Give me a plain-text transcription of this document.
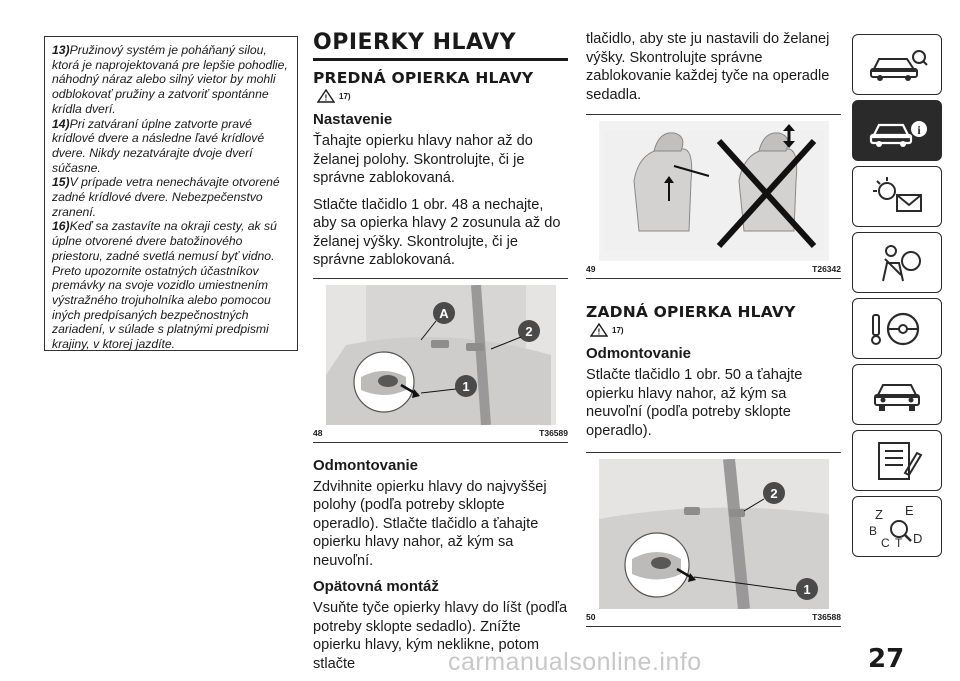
13)Pružinový systém je poháňaný silou, ktorá je naprojektovaná pre lepšie pohodlie, náhodný náraz alebo silný vietor by mohli odblokovať pružiny a zatvoriť spontánne krídla dverí.

14)Pri zatváraní úplne zatvorte pravé krídlové dvere a následne ľavé krídlové dvere. Nikdy nezatvárajte dvoje dverí súčasne.

15)V prípade vetra nenechávajte otvorené zadné krídlové dvere. Nebezpečenstvo zranení.

16)Keď sa zastavíte na okraji cesty, ak sú úplne otvorené dvere batožinového priestoru, zadné svetlá nemusí byť vidno. Preto upozornite ostatných účastníkov premávky na svoje vozidlo umiestnením výstražného trojuholníka alebo pomocou iných predpísaných bezpečnostných zariadení, v súlade s platnými predpismi krajiny, v ktorej jazdíte.

OPIERKY HLAVY
PREDNÁ OPIERKA HLAVY
! 17)
Nastavenie

Ťahajte opierku hlavy nahor až do želanej polohy. Skontrolujte, či je správne zablokovaná.

Stlačte tlačidlo 1 obr. 48 a nechajte, aby sa opierka hlavy 2 zosunula až do želanej výšky. Skontrolujte, či je správne zablokovaná.

A
2
1
48	T36589
Odmontovanie

Zdvihnite opierku hlavy do najvyššej polohy (podľa potreby sklopte operadlo). Stlačte tlačidlo a ťahajte opierku hlavy nahor, až kým sa neuvoľní.

Opätovná montáž

Vsuňte tyče opierky hlavy do líšt (podľa potreby sklopte sedadlo). Znížte opierku hlavy, kým neklikne, potom stlačte

tlačidlo, aby ste ju nastavili do želanej výšky. Skontrolujte správne zablokovanie každej tyče na operadle sedadla.

49	T26342
ZADNÁ OPIERKA HLAVY
! 17)
Odmontovanie

Stlačte tlačidlo 1 obr. 50 a ťahajte opierku hlavy nahor, až kým sa neuvoľní (podľa potreby sklopte operadlo).

2
1
50	T36588
i
Z E
B
C T D
27
carmanualsonline.info
